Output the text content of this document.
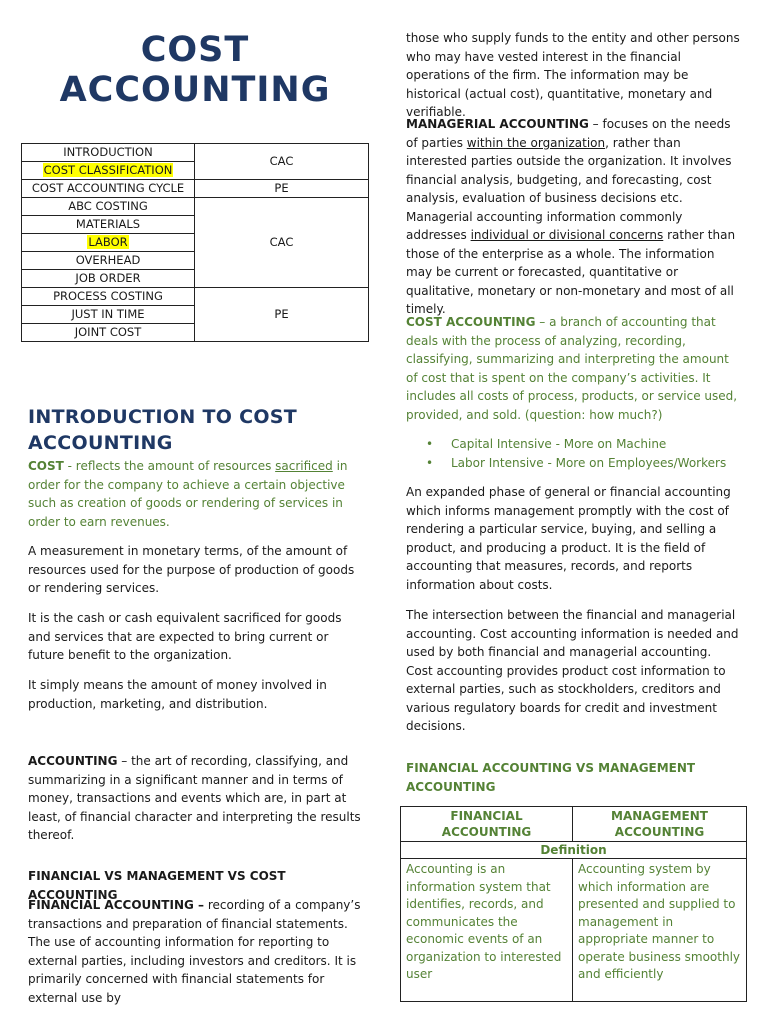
COST
ACCOUNTING
INTRODUCTION	CAC
COST CLASSIFICATION	
COST ACCOUNTING CYCLE	PE
ABC COSTING	CAC
MATERIALS	
LABOR	
OVERHEAD	
JOB ORDER	
PROCESS COSTING	PE
JUST IN TIME	
JOINT COST	
INTRODUCTION TO COST ACCOUNTING

COST - reflects the amount of resources sacrificed in order for the company to achieve a certain objective such as creation of goods or rendering of services in order to earn revenues.

A measurement in monetary terms, of the amount of resources used for the purpose of production of goods or rendering services.

It is the cash or cash equivalent sacrificed for goods and services that are expected to bring current or future benefit to the organization.

It simply means the amount of money involved in production, marketing, and distribution.

ACCOUNTING – the art of recording, classifying, and summarizing in a significant manner and in terms of money, transactions and events which are, in part at least, of financial character and interpreting the results thereof.

FINANCIAL VS MANAGEMENT VS COST ACCOUNTING

FINANCIAL ACCOUNTING – recording of a company’s transactions and preparation of financial statements. The use of accounting information for reporting to external parties, including investors and creditors. It is primarily concerned with financial statements for external use by

those who supply funds to the entity and other persons who may have vested interest in the financial operations of the firm. The information may be historical (actual cost), quantitative, monetary and verifiable.

MANAGERIAL ACCOUNTING – focuses on the needs of parties within the organization, rather than interested parties outside the organization. It involves financial analysis, budgeting, and forecasting, cost analysis, evaluation of business decisions etc. Managerial accounting information commonly addresses individual or divisional concerns rather than those of the enterprise as a whole. The information may be current or forecasted, quantitative or qualitative, monetary or non-monetary and most of all timely.

COST ACCOUNTING – a branch of accounting that deals with the process of analyzing, recording, classifying, summarizing and interpreting the amount of cost that is spent on the company’s activities. It includes all costs of process, products, or service used, provided, and sold. (question: how much?)

• Capital Intensive - More on Machine
• Labor Intensive - More on Employees/Workers

An expanded phase of general or financial accounting which informs management promptly with the cost of rendering a particular service, buying, and selling a product, and producing a product. It is the field of accounting that measures, records, and reports information about costs.

The intersection between the financial and managerial accounting. Cost accounting information is needed and used by both financial and managerial accounting. Cost accounting provides product cost information to external parties, such as stockholders, creditors and various regulatory boards for credit and investment decisions.

FINANCIAL ACCOUNTING VS MANAGEMENT ACCOUNTING

FINANCIAL ACCOUNTING	MANAGEMENT ACCOUNTING
Definition	
Accounting is an information system that identifies, records, and communicates the economic events of an organization to interested user	Accounting system by which information are presented and supplied to management in appropriate manner to operate business smoothly and efficiently
